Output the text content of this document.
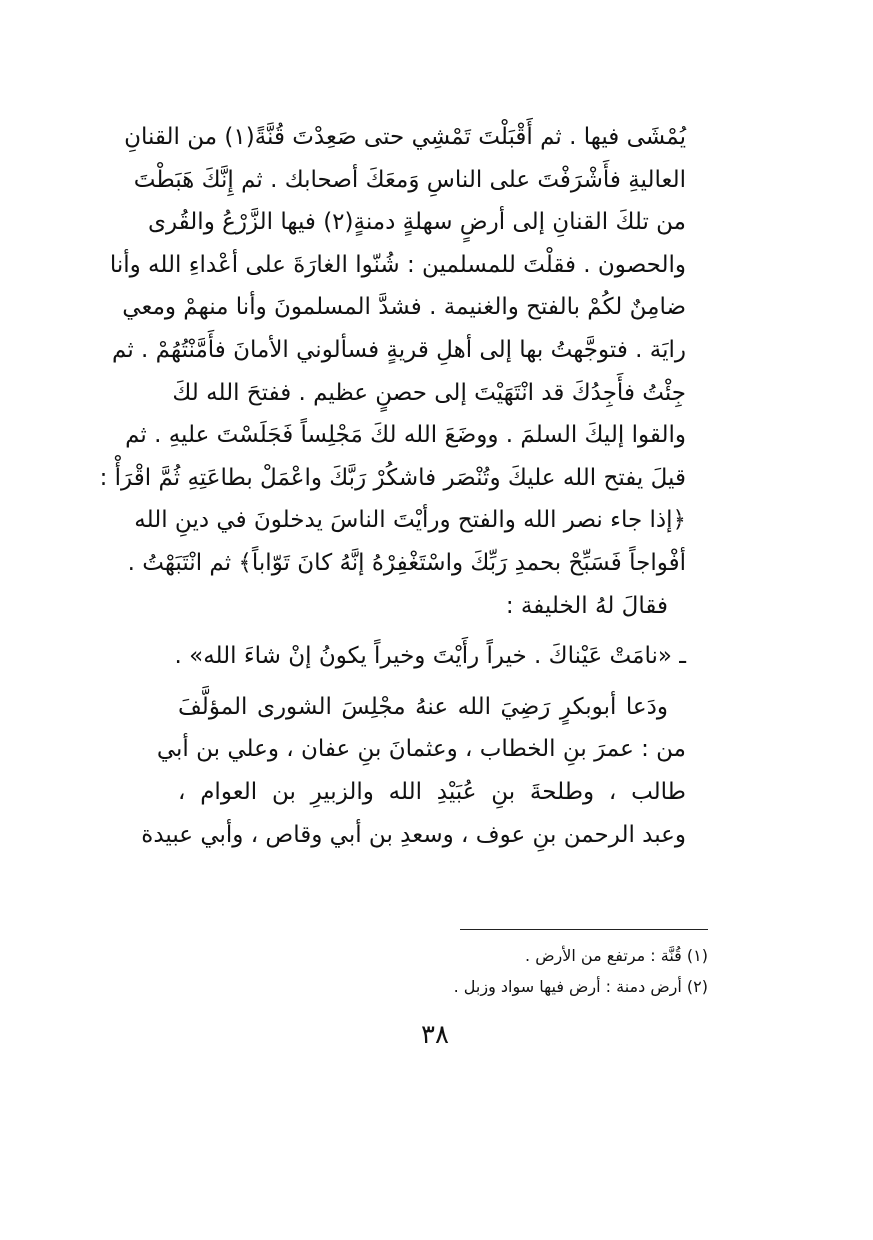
يُمْشَى فيها . ثم أَقْبَلْتَ تَمْشِي حتى صَعِدْتَ قُنَّةً(١) من القنانِ
العاليةِ فأَشْرَفْتَ على الناسِ وَمعَكَ أصحابك . ثم إِنَّكَ هَبَطْتَ
من تلكَ القنانِ إلى أرضٍ سهلةٍ دمنةٍ(٢) فيها الزَّرْعُ والقُرى
والحصون . فقلْتَ للمسلمين : شُنّوا الغارَةَ على أعْداءِ الله وأنا
ضامِنٌ لكُمْ بالفتح والغنيمة . فشدَّ المسلمونَ وأنا منهمْ ومعي
رايَة . فتوجَّهتُ بها إلى أهلِ قريةٍ فسألوني الأمانَ فأَمَّنْتُهُمْ . ثم
جِئْتُ فأَجِدُكَ قد انْتَهَيْتَ إلى حصنٍ عظيم . ففتحَ الله لكَ
والقوا إليكَ السلمَ . ووضَعَ الله لكَ مَجْلِساً فَجَلَسْتَ عليهِ . ثم
قيلَ يفتح الله عليكَ وتُنْصَر فاشكُرْ رَبَّكَ واعْمَلْ بطاعَتِهِ ثُمَّ اقْرَأْ :
﴿إذا جاء نصر الله والفتح ورأيْتَ الناسَ يدخلونَ في دينِ الله
أفْواجاً فَسَبِّحْ بحمدِ رَبِّكَ واسْتَغْفِرْهُ إنَّهُ كانَ تَوّاباً﴾ ثم انْتَبَهْتُ .
فقالَ لهُ الخليفة :
ـ «نامَتْ عَيْناكَ . خيراً رأَيْتَ وخيراً يكونُ إنْ شاءَ الله» .
ودَعا أبوبكرٍ رَضِيَ الله عنهُ مجْلِسَ الشورى المؤلَّفَ
من : عمرَ بنِ الخطاب ، وعثمانَ بنِ عفان ، وعلي بن أبي
طالب ، وطلحةَ بنِ عُبَيْدِ الله والزبيرِ بن العوام ،
وعبد الرحمن بنِ عوف ، وسعدِ بن أبي وقاص ، وأبي عبيدة
(١) قُنَّة : مرتفع من الأرض .
(٢) أرض دمنة : أرض فيها سواد وزبل .
٣٨
